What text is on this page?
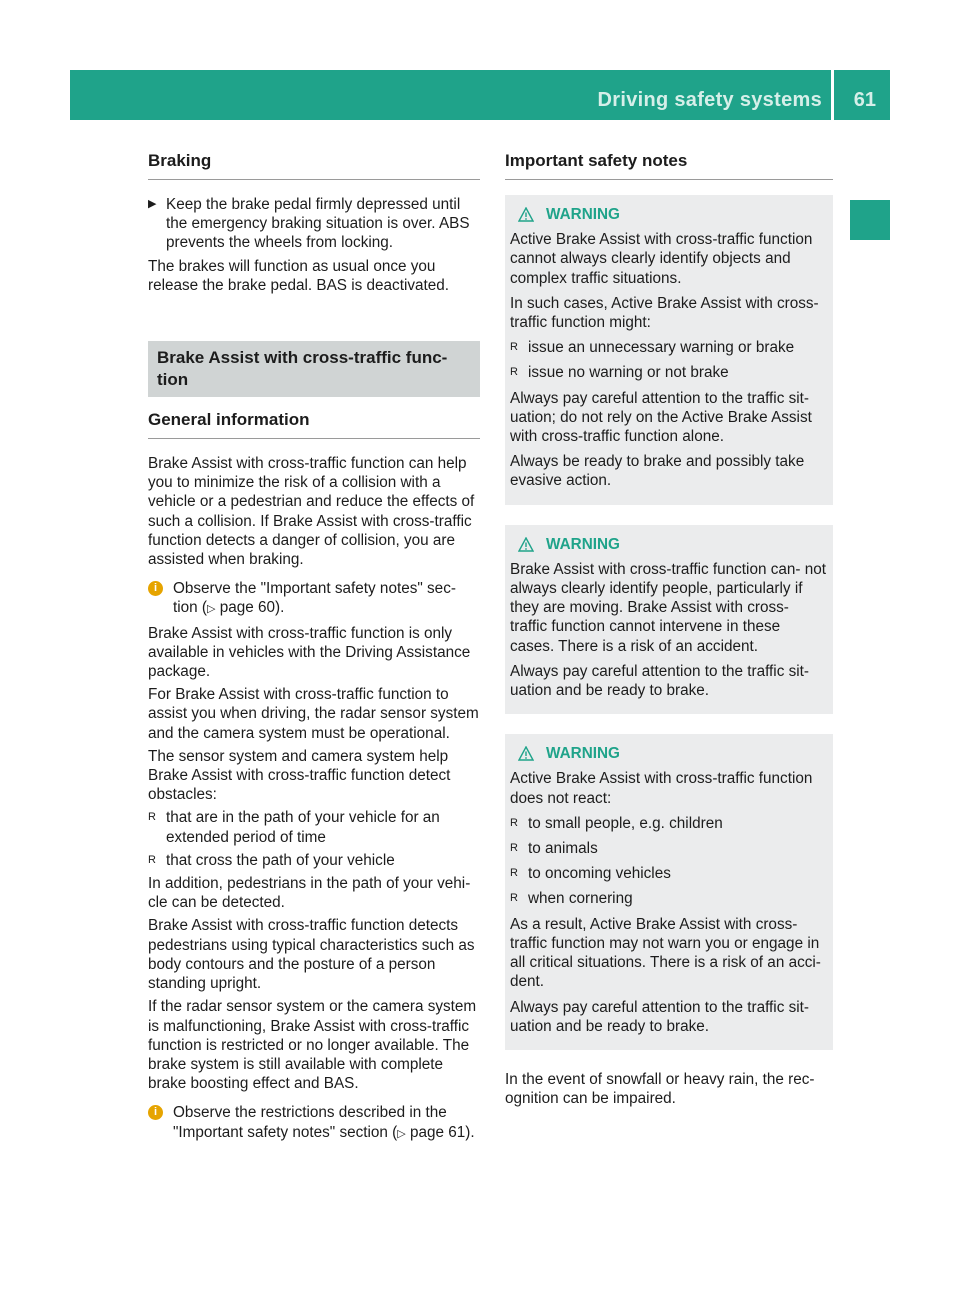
Driving safety systems 61
Safety
Braking
▶ Keep the brake pedal firmly depressed until the emergency braking situation is over. ABS prevents the wheels from locking.

The brakes will function as usual once you release the brake pedal. BAS is deactivated.

Brake Assist with cross-traffic func- tion
General information

Brake Assist with cross-traffic function can help you to minimize the risk of a collision with a vehicle or a pedestrian and reduce the effects of such a collision. If Brake Assist with cross-traffic function detects a danger of collision, you are assisted when braking.

i	Observe the "Important safety notes" sec- tion (▷ page 60).

Brake Assist with cross-traffic function is only available in vehicles with the Driving Assistance package.

For Brake Assist with cross-traffic function to assist you when driving, the radar sensor system and the camera system must be operational.

The sensor system and camera system help Brake Assist with cross-traffic function detect obstacles:

R that are in the path of your vehicle for an extended period of time
R that cross the path of your vehicle

In addition, pedestrians in the path of your vehi- cle can be detected.

Brake Assist with cross-traffic function detects pedestrians using typical characteristics such as body contours and the posture of a person standing upright.

If the radar sensor system or the camera system is malfunctioning, Brake Assist with cross-traffic function is restricted or no longer available. The brake system is still available with complete brake boosting effect and BAS.

i	Observe the restrictions described in the "Important safety notes" section (▷ page 61).
Important safety notes
WARNING

Active Brake Assist with cross-traffic function cannot always clearly identify objects and complex traffic situations.

In such cases, Active Brake Assist with cross- traffic function might:

R issue an unnecessary warning or brake
R issue no warning or not brake

Always pay careful attention to the traffic sit- uation; do not rely on the Active Brake Assist with cross-traffic function alone.

Always be ready to brake and possibly take evasive action.

WARNING

Brake Assist with cross-traffic function can- not always clearly identify people, particularly if they are moving. Brake Assist with cross- traffic function cannot intervene in these cases. There is a risk of an accident.

Always pay careful attention to the traffic sit- uation and be ready to brake.

WARNING

Active Brake Assist with cross-traffic function does not react:

R to small people, e.g. children
R to animals
R to oncoming vehicles
R when cornering

As a result, Active Brake Assist with cross- traffic function may not warn you or engage in all critical situations. There is a risk of an acci- dent.

Always pay careful attention to the traffic sit- uation and be ready to brake.

In the event of snowfall or heavy rain, the rec- ognition can be impaired.
